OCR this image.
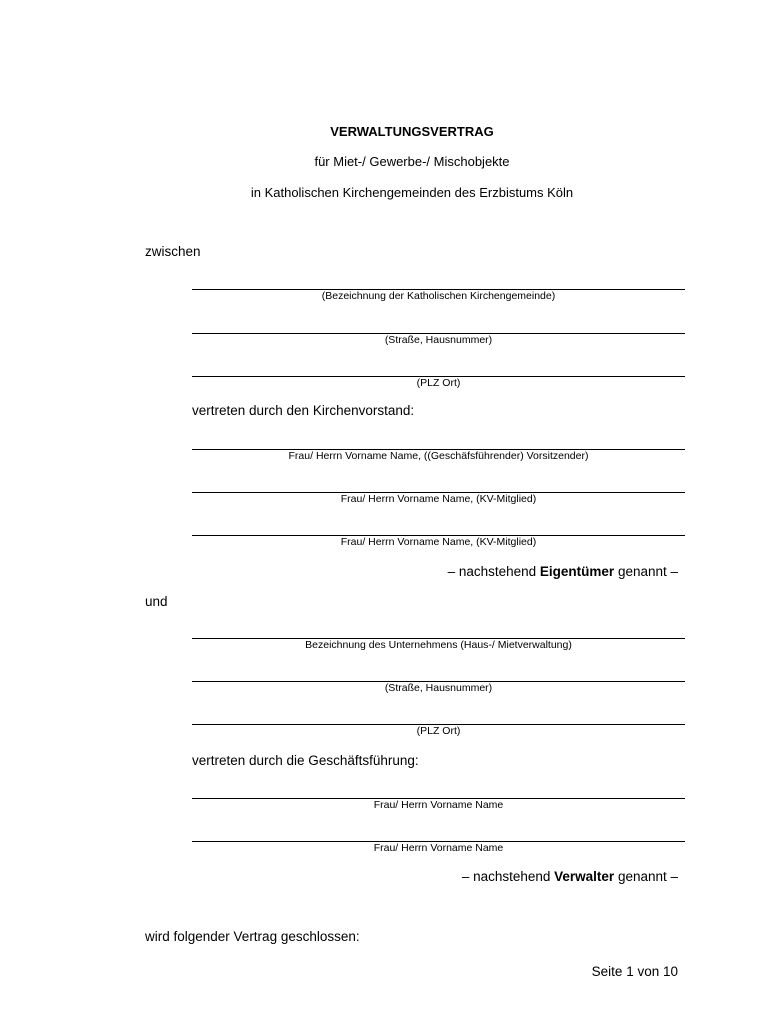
VERWALTUNGSVERTRAG
für Miet-/ Gewerbe-/ Mischobjekte
in Katholischen Kirchengemeinden des Erzbistums Köln
zwischen
(Bezeichnung der Katholischen Kirchengemeinde)
(Straße, Hausnummer)
(PLZ Ort)
vertreten durch den Kirchenvorstand:
Frau/ Herrn Vorname Name, ((Geschäfsführender) Vorsitzender)
Frau/ Herrn Vorname Name, (KV-Mitglied)
Frau/ Herrn Vorname Name, (KV-Mitglied)
– nachstehend Eigentümer genannt –
und
Bezeichnung des Unternehmens (Haus-/ Mietverwaltung)
(Straße, Hausnummer)
(PLZ Ort)
vertreten durch die Geschäftsführung:
Frau/ Herrn Vorname Name
Frau/ Herrn Vorname Name
– nachstehend Verwalter genannt –
wird folgender Vertrag geschlossen:
Seite 1 von 10
